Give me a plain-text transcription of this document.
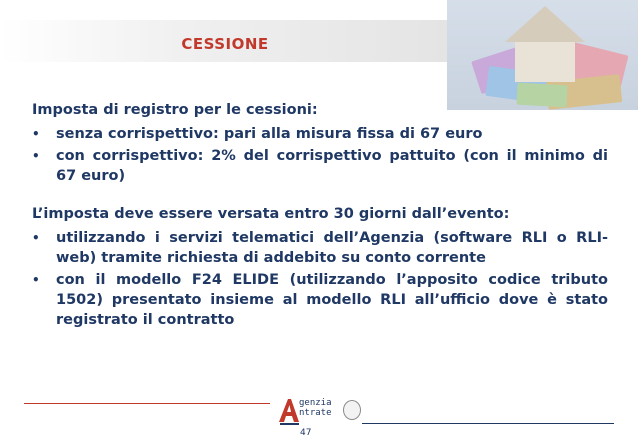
CESSIONE
Imposta di registro per le cessioni:
•	senza corrispettivo: pari alla misura fissa di 67 euro
•	con corrispettivo: 2% del corrispettivo pattuito (con il minimo di 67 euro)
L’imposta deve essere versata entro 30 giorni dall’evento:
•	utilizzando i servizi telematici dell’Agenzia (software RLI o RLI-web) tramite richiesta di addebito su conto corrente
•	con il modello F24 ELIDE (utilizzando l’apposito codice tributo 1502) presentato insieme al modello RLI all’ufficio dove è stato registrato il contratto
genzia
ntrate
47
